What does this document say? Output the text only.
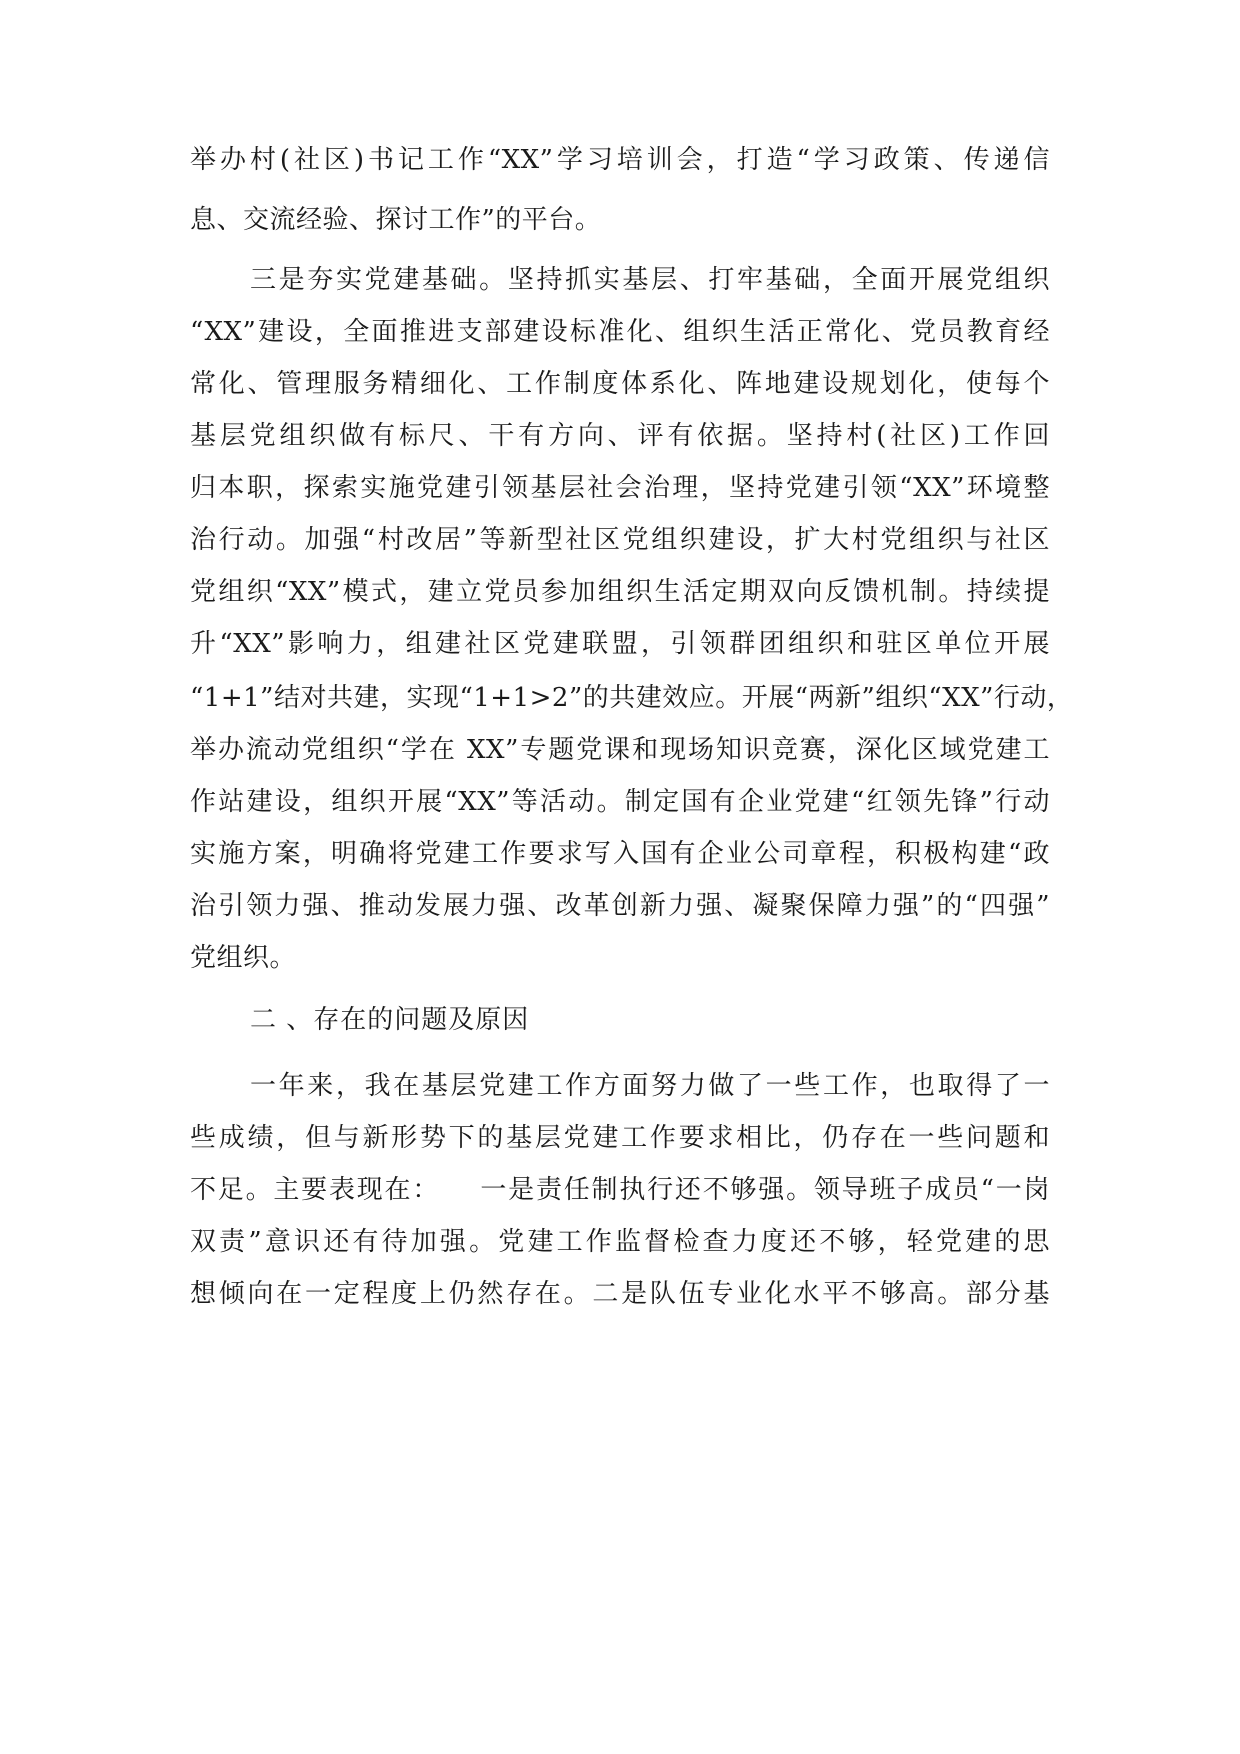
举办村(社区)书记工作“XX”学习培训会，打造“学习政策、传递信
息、交流经验、探讨工作”的平台。
三是夯实党建基础。坚持抓实基层、打牢基础，全面开展党组织
“XX”建设，全面推进支部建设标准化、组织生活正常化、党员教育经
常化、管理服务精细化、工作制度体系化、阵地建设规划化，使每个
基层党组织做有标尺、干有方向、评有依据。坚持村(社区)工作回
归本职，探索实施党建引领基层社会治理，坚持党建引领“XX”环境整
治行动。加强“村改居”等新型社区党组织建设，扩大村党组织与社区
党组织“XX”模式，建立党员参加组织生活定期双向反馈机制。持续提
升“XX”影响力，组建社区党建联盟，引领群团组织和驻区单位开展
“1+1”结对共建，实现“1+1>2”的共建效应。开展“两新”组织“XX”行动，
举办流动党组织“学在 XX”专题党课和现场知识竞赛，深化区域党建工
作站建设，组织开展“XX”等活动。制定国有企业党建“红领先锋”行动
实施方案，明确将党建工作要求写入国有企业公司章程，积极构建“政
治引领力强、推动发展力强、改革创新力强、凝聚保障力强”的“四强”
党组织。
二 、存在的问题及原因
一年来，我在基层党建工作方面努力做了一些工作，也取得了一
些成绩，但与新形势下的基层党建工作要求相比，仍存在一些问题和
不足。主要表现在：    一是责任制执行还不够强。领导班子成员“一岗
双责”意识还有待加强。党建工作监督检查力度还不够，轻党建的思
想倾向在一定程度上仍然存在。二是队伍专业化水平不够高。部分基
